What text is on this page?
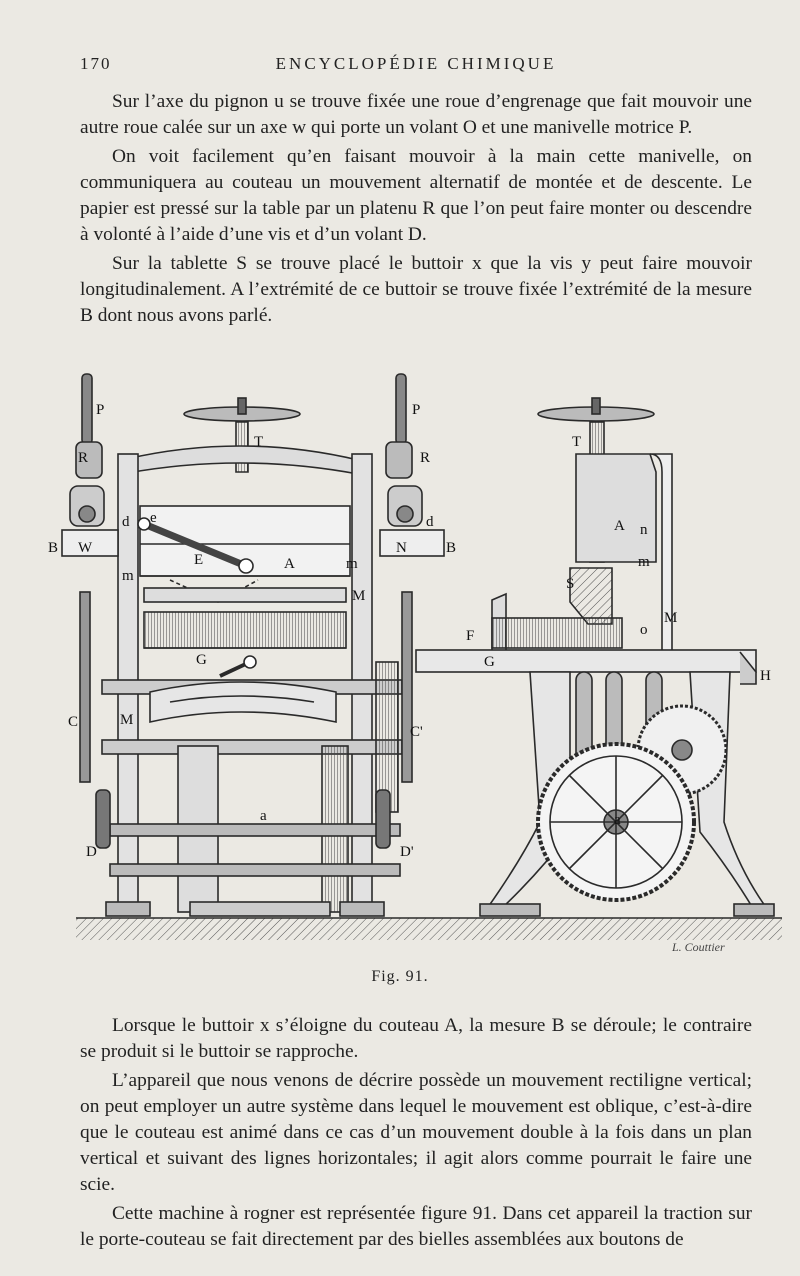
170	ENCYCLOPÉDIE CHIMIQUE

Sur l’axe du pignon u se trouve fixée une roue d’engrenage que fait mouvoir une autre roue calée sur un axe w qui porte un volant O et une manivelle motrice P.

On voit facilement qu’en faisant mouvoir à la main cette manivelle, on communiquera au couteau un mouvement alternatif de montée et de descente. Le papier est pressé sur la table par un platenu R que l’on peut faire monter ou descendre à volonté à l’aide d’une vis et d’un volant D.

Sur la tablette S se trouve placé le buttoir x que la vis y peut faire mouvoir longitudinalement. A l’extrémité de ce buttoir se trouve fixée l’extrémité de la mesure B dont nous avons parlé.

P	P
R	R
T	T
B	B
W	N
d	d
e
E	A
m
m
M
G
M
C
C'
a
D	D'
A
S
n
m
o
M
F
G
H
a
L. Couttier
Fig. 91.

Lorsque le buttoir x s’éloigne du couteau A, la mesure B se déroule; le contraire se produit si le buttoir se rapproche.

L’appareil que nous venons de décrire possède un mouvement rectiligne vertical; on peut employer un autre système dans lequel le mouvement est oblique, c’est-à-dire que le couteau est animé dans ce cas d’un mouvement double à la fois dans un plan vertical et suivant des lignes horizontales; il agit alors comme pourrait le faire une scie.

Cette machine à rogner est représentée figure 91. Dans cet appareil la traction sur le porte-couteau se fait directement par des bielles assemblées aux boutons de
